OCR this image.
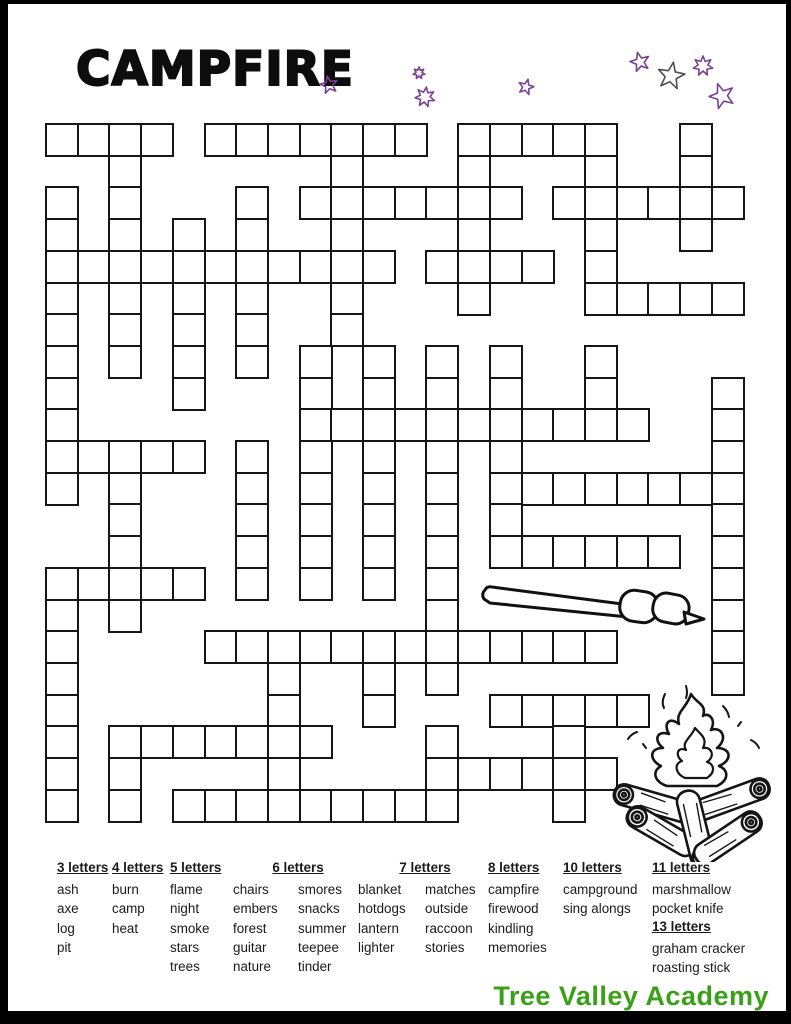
CAMPFIRE
3 letters
ash
axe
log
pit
4 letters
burn
camp
heat
5 letters
flame
night
smoke
stars
trees
6 letters
chairs
embers
forest
guitar
nature
smores
snacks
summer
teepee
tinder
7 letters
blanket
hotdogs
lantern
lighter
matches
outside
raccoon
stories
8 letters
campfire
firewood
kindling
memories
10 letters
campground
sing alongs
11 letters
marshmallow
pocket knife
13 letters
graham cracker
roasting stick
Tree Valley Academy
